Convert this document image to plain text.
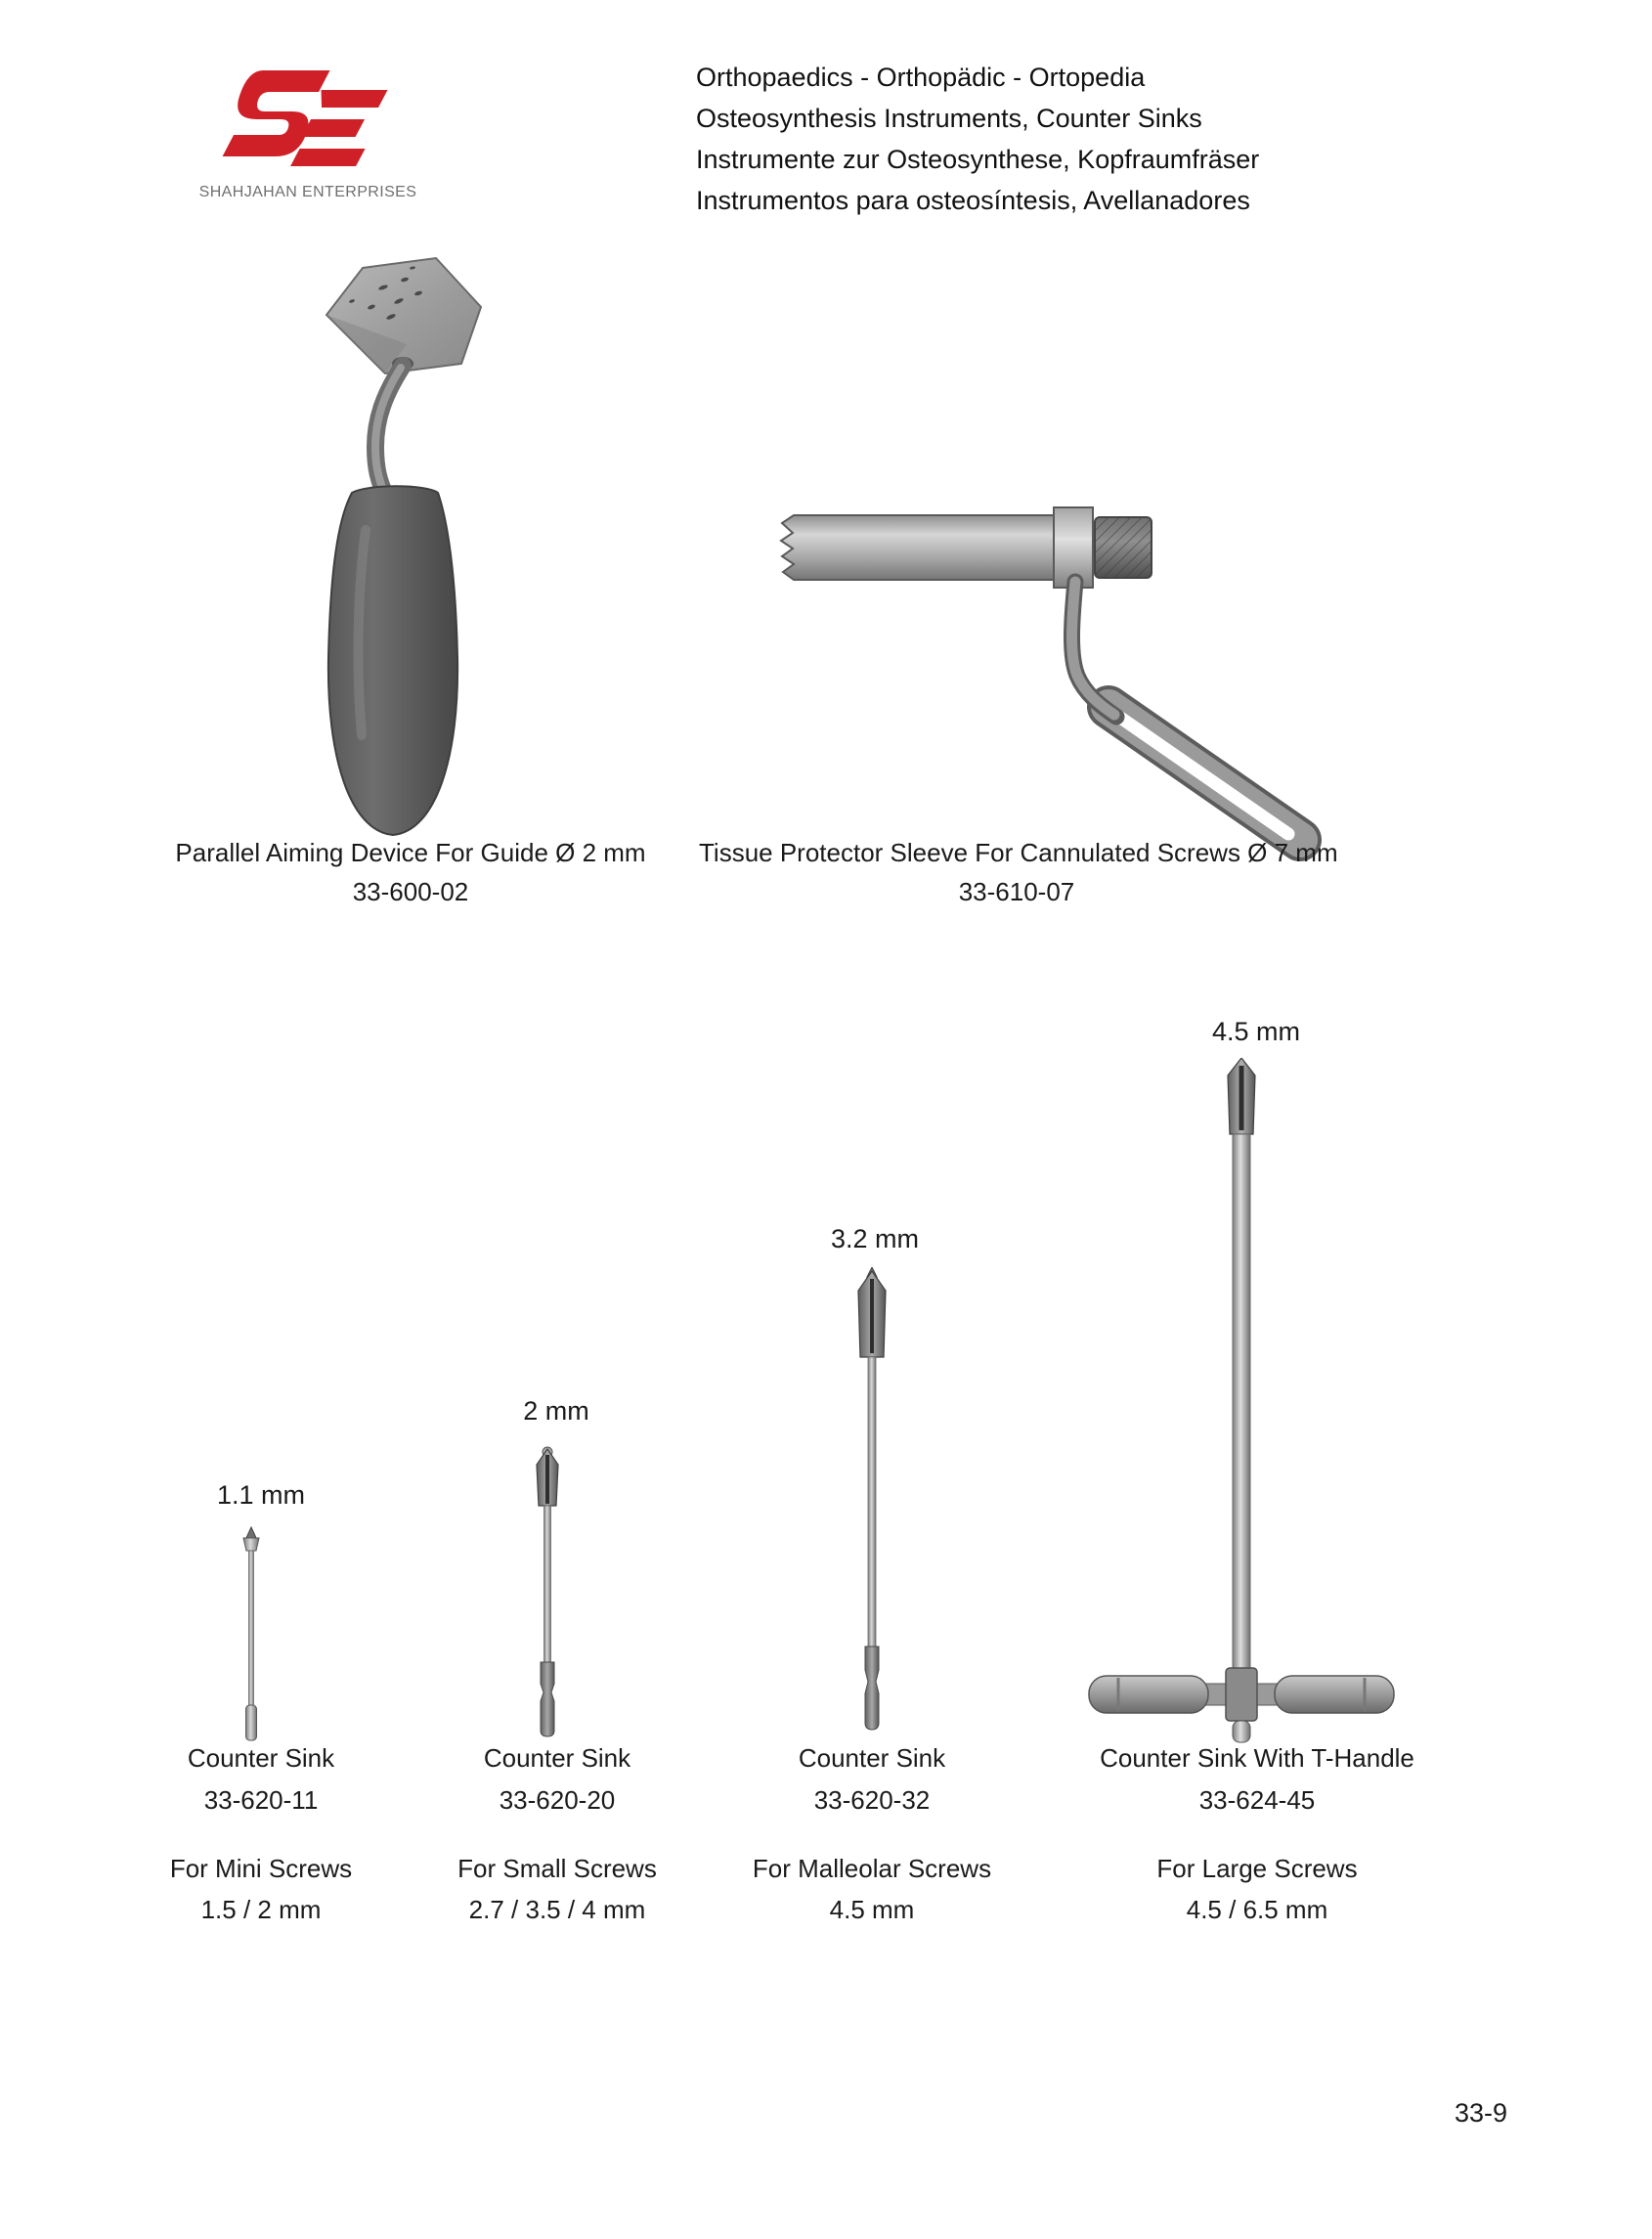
SHAHJAHAN ENTERPRISES
Orthopaedics - Orthopädic - Ortopedia
Osteosynthesis Instruments, Counter Sinks
Instrumente zur Osteosynthese, Kopfraumfräser
Instrumentos para osteosíntesis, Avellanadores
Parallel Aiming Device For Guide Ø 2 mm
33-600-02
Tissue Protector Sleeve For Cannulated Screws Ø 7 mm
33-610-07
1.1 mm
2 mm
3.2 mm
4.5 mm
Counter Sink
33-620-11
For Mini Screws
1.5 / 2 mm
Counter Sink
33-620-20
For Small Screws
2.7 / 3.5 / 4 mm
Counter Sink
33-620-32
For Malleolar Screws
4.5 mm
Counter Sink With T-Handle
33-624-45
For Large Screws
4.5 / 6.5 mm
33-9
